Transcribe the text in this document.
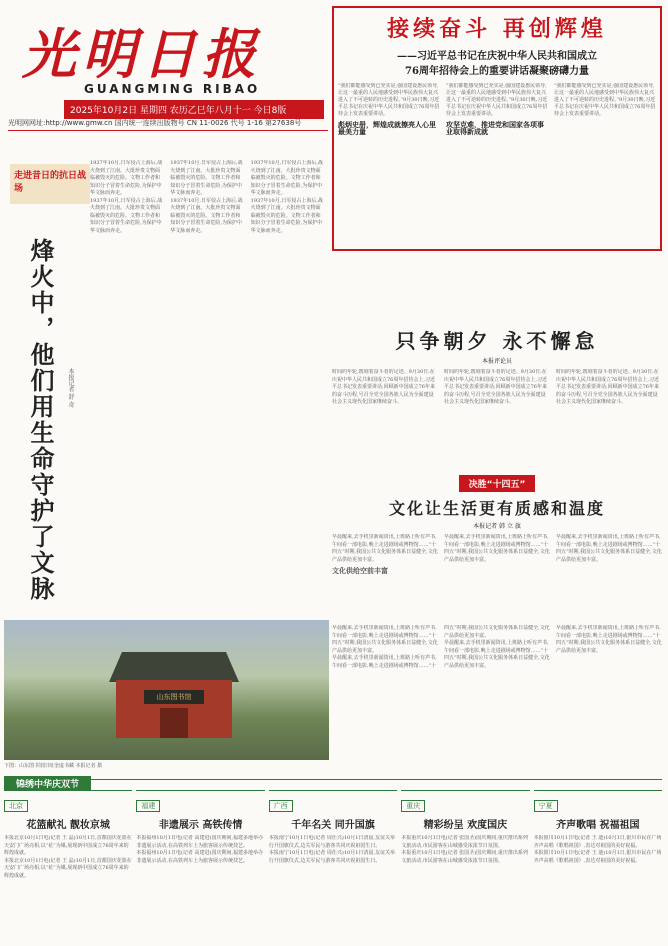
光明日报
GUANGMING RIBAO
2025年10月2日 星期四 农历乙巳年八月十一 今日8版
光明网网址:http://www.gmw.cn 国内统一连续出版物号 CN 11-0026 代号 1-16 第27638号
接续奋斗 再创辉煌
——习近平总书记在庆祝中华人民共和国成立
76周年招待会上的重要讲话凝聚磅礴力量

“我们都能感受到已充实是,强国建设惠民领导,让这一最重的人民地感受到中华民族伟大复兴进入了不可逆转的历史进程。”9月30日晚,习近平总书记在庆祝中华人民共和国成立76周年招待会上发表重要讲话。

彪炳史册，辉煌成就擦亮人心里最美力量

“我们都能感受到已充实是,强国建设惠民领导,让这一最重的人民地感受到中华民族伟大复兴进入了不可逆转的历史进程。”9月30日晚,习近平总书记在庆祝中华人民共和国成立76周年招待会上发表重要讲话。

攻坚克难，推进党和国家各项事业取得新成就

“我们都能感受到已充实是,强国建设惠民领导,让这一最重的人民地感受到中华民族伟大复兴进入了不可逆转的历史进程。”9月30日晚,习近平总书记在庆祝中华人民共和国成立76周年招待会上发表重要讲话。

走进昔日的抗日战场
烽火中，他们用生命守护了文脉 本报记者 舒 奇

1937年10月,日军侵占上海后,战火烧到了江南。大批珍贵文物面临被毁灭的危险。文物工作者和知识分子冒着生命危险,为保护中华文脉而奔走。

1937年10月,日军侵占上海后,战火烧到了江南。大批珍贵文物面临被毁灭的危险。文物工作者和知识分子冒着生命危险,为保护中华文脉而奔走。

1937年10月,日军侵占上海后,战火烧到了江南。大批珍贵文物面临被毁灭的危险。文物工作者和知识分子冒着生命危险,为保护中华文脉而奔走。

1937年10月,日军侵占上海后,战火烧到了江南。大批珍贵文物面临被毁灭的危险。文物工作者和知识分子冒着生命危险,为保护中华文脉而奔走。

1937年10月,日军侵占上海后,战火烧到了江南。大批珍贵文物面临被毁灭的危险。文物工作者和知识分子冒着生命危险,为保护中华文脉而奔走。

1937年10月,日军侵占上海后,战火烧到了江南。大批珍贵文物面临被毁灭的危险。文物工作者和知识分子冒着生命危险,为保护中华文脉而奔走。

只争朝夕 永不懈怠
本报评论员

时间的年轮,镌刻着奋斗者的足迹。9月30日,在庆祝中华人民共和国成立76周年招待会上,习近平总书记发表重要讲话,回顾新中国成立76年来的奋斗历程,号召全党全国各族人民为全面建设社会主义现代化国家继续奋斗。

时间的年轮,镌刻着奋斗者的足迹。9月30日,在庆祝中华人民共和国成立76周年招待会上,习近平总书记发表重要讲话,回顾新中国成立76年来的奋斗历程,号召全党全国各族人民为全面建设社会主义现代化国家继续奋斗。

时间的年轮,镌刻着奋斗者的足迹。9月30日,在庆祝中华人民共和国成立76周年招待会上,习近平总书记发表重要讲话,回顾新中国成立76年来的奋斗历程,号召全党全国各族人民为全面建设社会主义现代化国家继续奋斗。

决胜“十四五”
文化让生活更有质感和温度
本报记者 韩 立 旗

早晨醒来,去手机里新闻资讯,上班路上听有声书,午间看一部电影,晚上走进剧场或博物馆……“十四五”时期,我国公共文化服务体系日益健全,文化产品供给更加丰富。

文化供给空前丰富

早晨醒来,去手机里新闻资讯,上班路上听有声书,午间看一部电影,晚上走进剧场或博物馆……“十四五”时期,我国公共文化服务体系日益健全,文化产品供给更加丰富。

早晨醒来,去手机里新闻资讯,上班路上听有声书,午间看一部电影,晚上走进剧场或博物馆……“十四五”时期,我国公共文化服务体系日益健全,文化产品供给更加丰富。

山东图书馆
下图：山东图书馆旧址奎虚书藏 本报记者 摄

早晨醒来,去手机里新闻资讯,上班路上听有声书,午间看一部电影,晚上走进剧场或博物馆……“十四五”时期,我国公共文化服务体系日益健全,文化产品供给更加丰富。

早晨醒来,去手机里新闻资讯,上班路上听有声书,午间看一部电影,晚上走进剧场或博物馆……“十四五”时期,我国公共文化服务体系日益健全,文化产品供给更加丰富。

早晨醒来,去手机里新闻资讯,上班路上听有声书,午间看一部电影,晚上走进剧场或博物馆……“十四五”时期,我国公共文化服务体系日益健全,文化产品供给更加丰富。

早晨醒来,去手机里新闻资讯,上班路上听有声书,午间看一部电影,晚上走进剧场或博物馆……“十四五”时期,我国公共文化服务体系日益健全,文化产品供给更加丰富。

锦绣中华庆双节
北京
花篮献礼 靓妆京城

本报北京10月1日电(记者 王 晶)10月1日,首都国庆花篮在天安门广场亮相,以“花”为媒,展现新中国成立76周年来的辉煌成就。

本报北京10月1日电(记者 王 晶)10月1日,首都国庆花篮在天安门广场亮相,以“花”为媒,展现新中国成立76周年来的辉煌成就。

福建
非遗展示 高铁传情

本报福州10月1日电(记者 高建进)国庆期间,福建多地举办非遗展示活动,在高铁列车上为旅客展示传统技艺。

本报福州10月1日电(记者 高建进)国庆期间,福建多地举办非遗展示活动,在高铁列车上为旅客展示传统技艺。

广西
千年名关 同升国旗

本报南宁10月1日电(记者 周仕兴)10月1日清晨,友谊关举行升国旗仪式,边关军民与游客共同庆祝祖国生日。

本报南宁10月1日电(记者 周仕兴)10月1日清晨,友谊关举行升国旗仪式,边关军民与游客共同庆祝祖国生日。

重庆
精彩纷呈 欢度国庆

本报重庆10月1日电(记者 张国圣)国庆期间,重庆推出系列文旅活动,市民游客在山城感受浓浓节日氛围。

本报重庆10月1日电(记者 张国圣)国庆期间,重庆推出系列文旅活动,市民游客在山城感受浓浓节日氛围。

宁夏
齐声歌唱 祝福祖国

本报银川10月1日电(记者 王 迪)10月1日,银川市民在广场齐声高唱《歌唱祖国》,表达对祖国的美好祝福。

本报银川10月1日电(记者 王 迪)10月1日,银川市民在广场齐声高唱《歌唱祖国》,表达对祖国的美好祝福。
